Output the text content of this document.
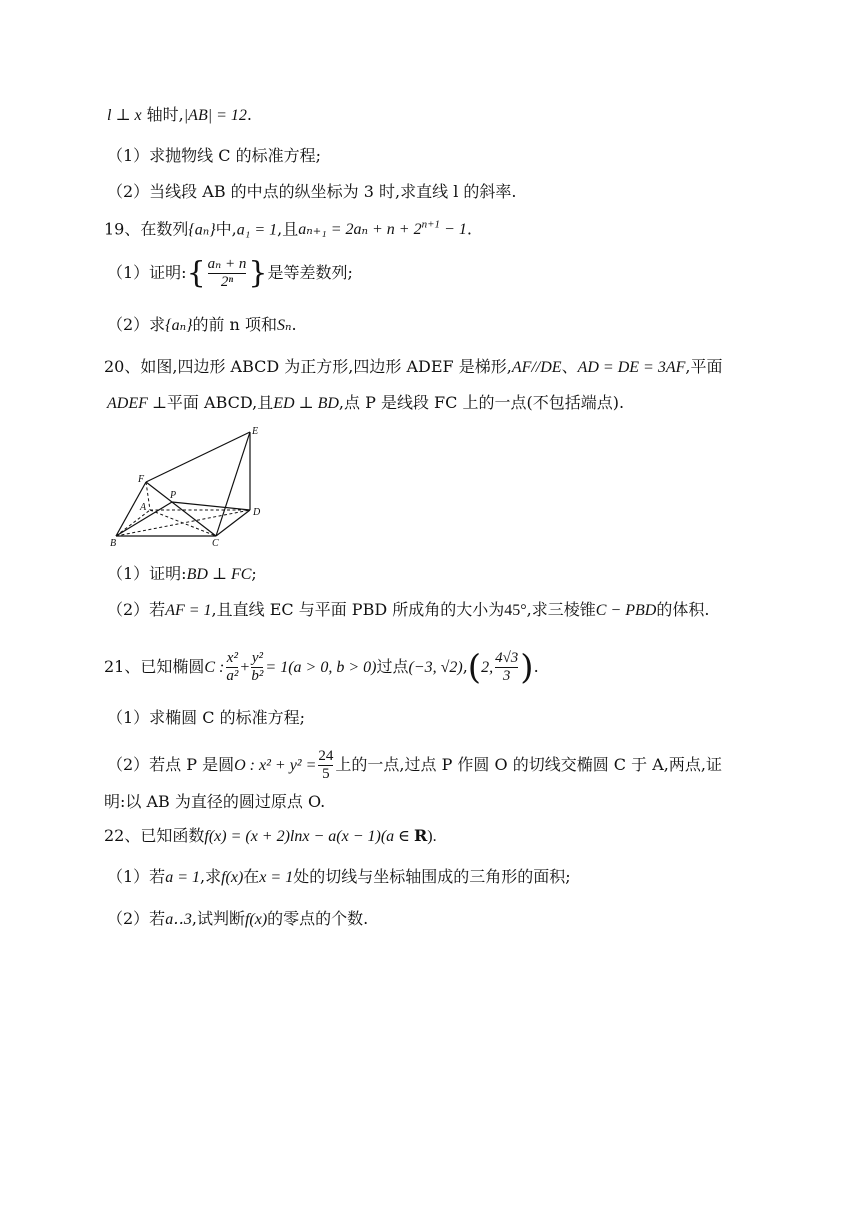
l ⊥ x 轴时,|AB| = 12.
（1）求抛物线 C 的标准方程;
（2）当线段 AB 的中点的纵坐标为 3 时,求直线 l 的斜率.
19、在数列{aₙ}中,a₁ = 1,且$a_{n+1} = 2a_n + n + 2^{n+1} - 1$.
（1）证明:{ $\frac{\text{aₙ + n}}{\text{2ⁿ}}$ }是等差数列;
（2）求{aₙ}的前 n 项和Sₙ.
20、如图,四边形 ABCD 为正方形,四边形 ADEF 是梯形,AF//DE、AD = DE = 3AF,平面
ADEF ⊥平面 ABCD,且ED ⊥ BD,点 P 是线段 FC 上的一点(不包括端点).
E
F
P
A	D
B	C
（1）证明:BD ⊥ FC;
（2）若AF = 1,且直线 EC 与平面 PBD 所成角的大小为45°,求三棱锥C − PBD的体积.
21、已知椭圆C : $\frac{\text{x²}}{\text{a²}} + \frac{\text{y²}}{\text{b²}} = 1(a > 0$, b > 0)过点(−3, √2),(2, $\frac{4√3}{3}$ ).
（1）求椭圆 C 的标准方程;
（2）若点 P 是圆O : $x^2 + y^2 = \frac{24}{5}$ 上的一点,过点 P 作圆 O 的切线交椭圆 C 于 A,两点,证
明:以 AB 为直径的圆过原点 O.
22、已知函数f(x) = (x + 2)lnx − a(x − 1)(a ∈ R).
（1）若a = 1,求f(x)在x = 1处的切线与坐标轴围成的三角形的面积;
（2）若a‥3,试判断f(x)的零点的个数.
